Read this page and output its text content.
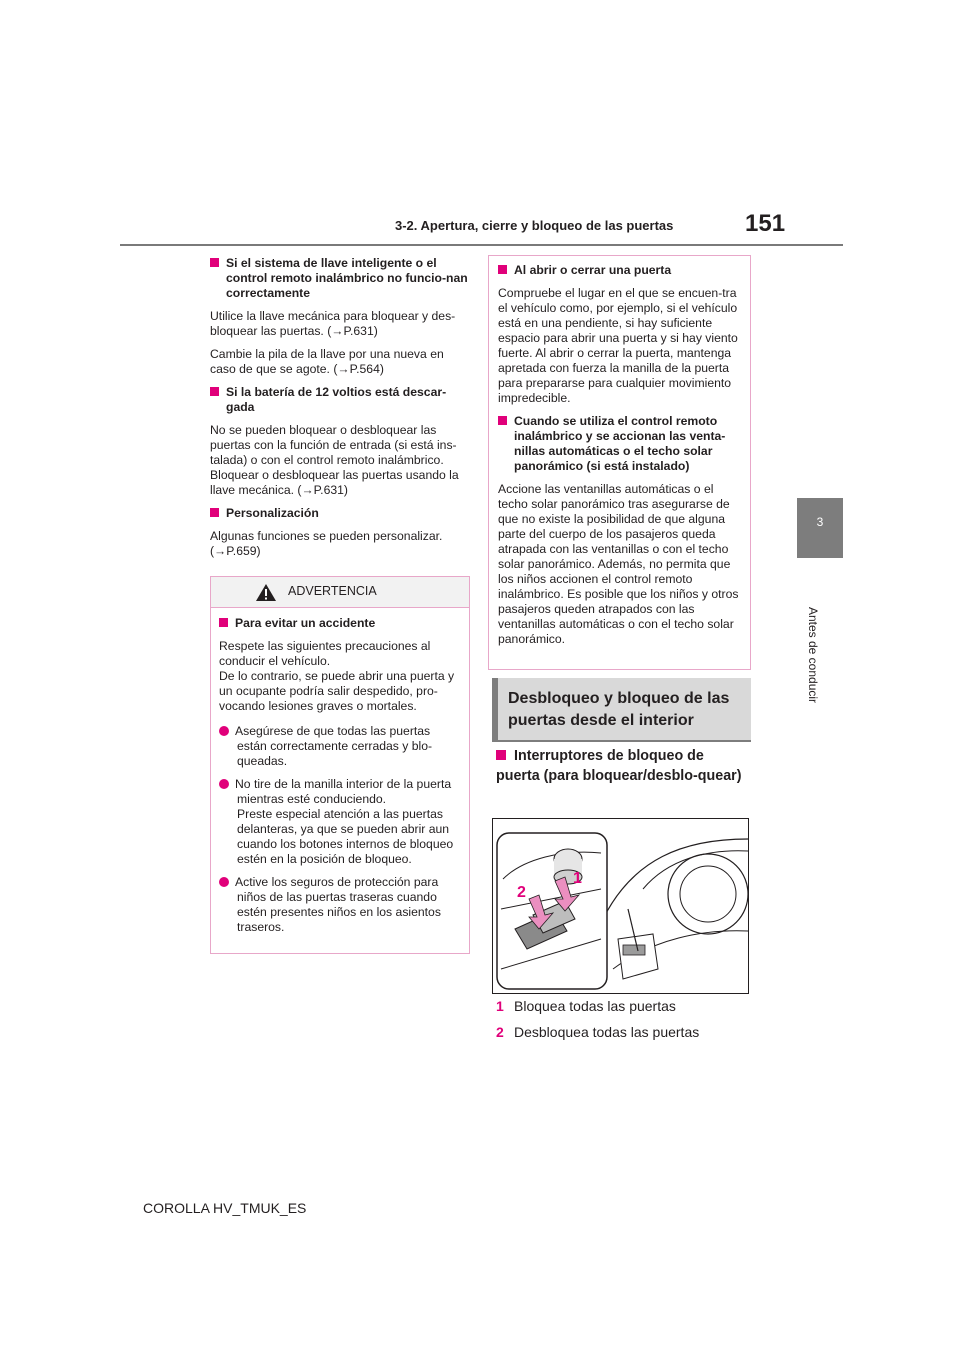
3-2. Apertura, cierre y bloqueo de las puertas	151
3
Antes de conducir

Si el sistema de llave inteligente o el control remoto inalámbrico no funcio-nan correctamente

Utilice la llave mecánica para bloquear y des-bloquear las puertas. (→P.631)

Cambie la pila de la llave por una nueva en caso de que se agote. (→P.564)

Si la batería de 12 voltios está descar-gada

No se pueden bloquear o desbloquear las puertas con la función de entrada (si está ins-talada) o con el control remoto inalámbrico. Bloquear o desbloquear las puertas usando la llave mecánica. (→P.631)

Personalización

Algunas funciones se pueden personalizar. (→P.659)

ADVERTENCIA

Para evitar un accidente

Respete las siguientes precauciones al conducir el vehículo.
De lo contrario, se puede abrir una puerta y un ocupante podría salir despedido, pro-vocando lesiones graves o mortales.

Asegúrese de que todas las puertas están correctamente cerradas y blo-queadas.

No tire de la manilla interior de la puerta mientras esté conduciendo.
Preste especial atención a las puertas delanteras, ya que se pueden abrir aun cuando los botones internos de bloqueo estén en la posición de bloqueo.

Active los seguros de protección para niños de las puertas traseras cuando estén presentes niños en los asientos traseros.

Al abrir o cerrar una puerta

Compruebe el lugar en el que se encuen-tra el vehículo como, por ejemplo, si el vehículo está en una pendiente, si hay suficiente espacio para abrir una puerta y si hay viento fuerte. Al abrir o cerrar la puerta, mantenga apretada con fuerza la manilla de la puerta para prepararse para cualquier movimiento impredecible.

Cuando se utiliza el control remoto inalámbrico y se accionan las venta-nillas automáticas o el techo solar panorámico (si está instalado)

Accione las ventanillas automáticas o el techo solar panorámico tras asegurarse de que no existe la posibilidad de que alguna parte del cuerpo de los pasajeros queda atrapada con las ventanillas o con el techo solar panorámico. Además, no permita que los niños accionen el control remoto inalámbrico. Es posible que los niños y otros pasajeros queden atrapados con las ventanillas automáticas o con el techo solar panorámico.

Desbloqueo y bloqueo de las puertas desde el interior
Interruptores de bloqueo de puerta (para bloquear/desblo-quear)
1
2
1 Bloquea todas las puertas
2 Desbloquea todas las puertas
COROLLA HV_TMUK_ES
